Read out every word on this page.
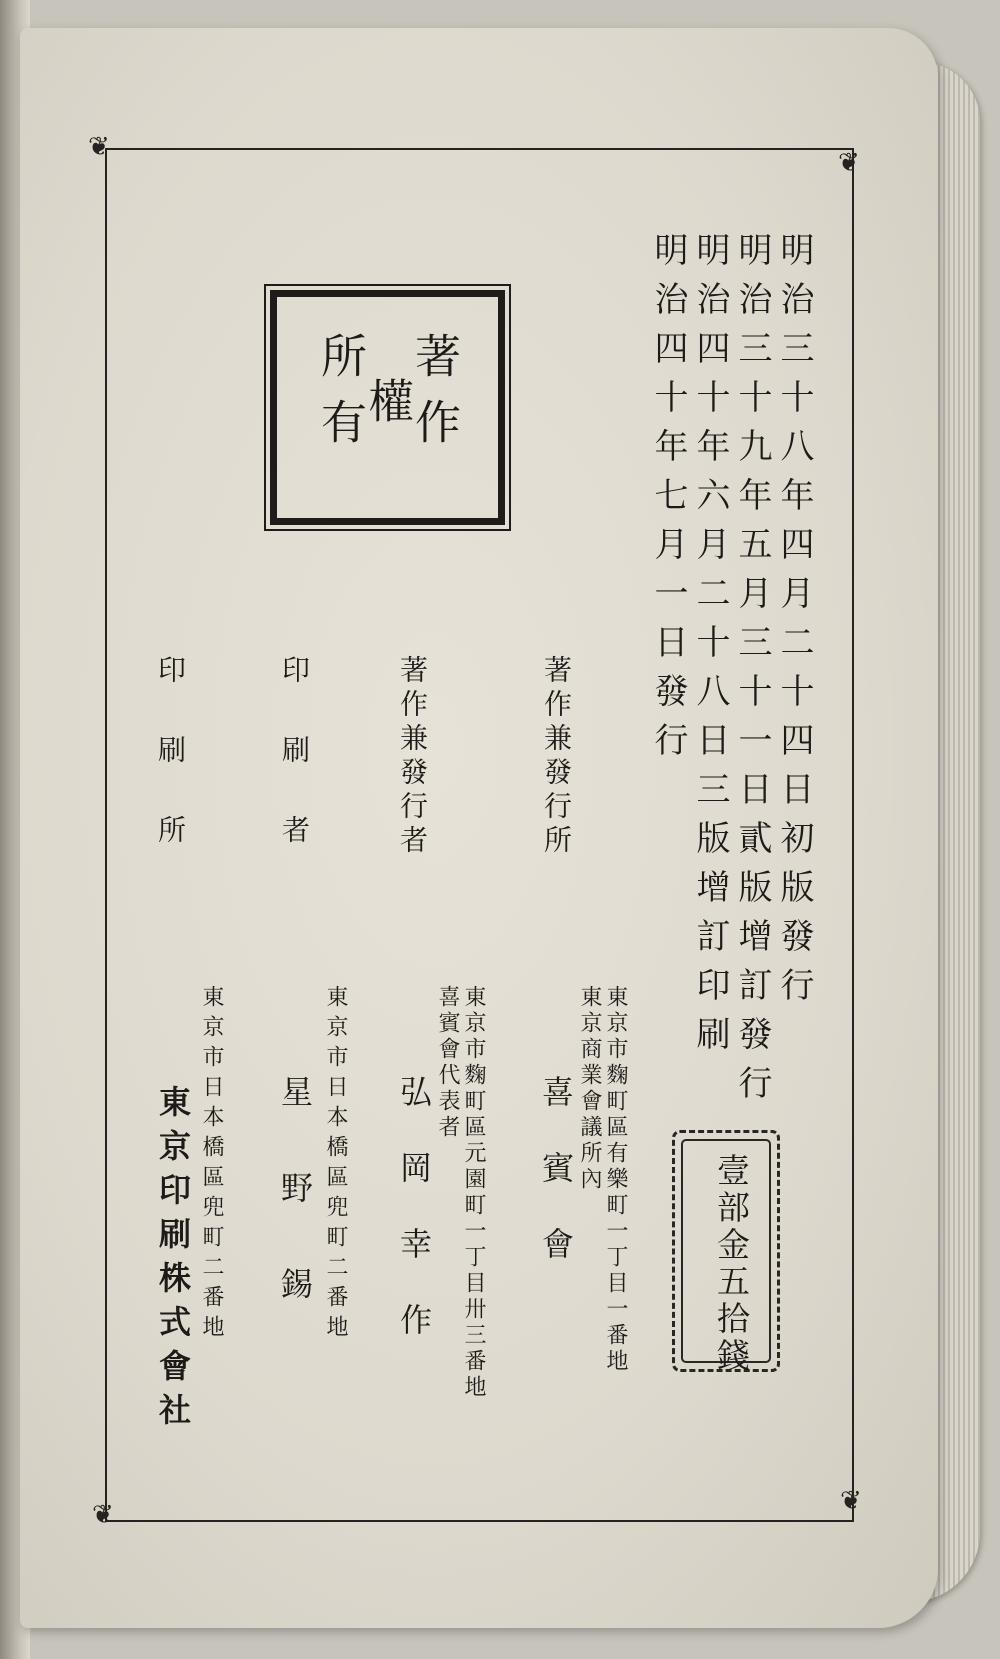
❦
❦
❦	❦
明治三十八年四月二十四日初版發行
明治三十九年五月三十一日貳版增訂發行
明治四十年六月二十八日三版增訂印刷
明治四十年七月一日發行
著作
權
所有
著作兼發行所
著作兼發行者
印刷者
印刷所
東京市麴町區有樂町一丁目一番地
東京商業會議所內
喜賓會
東京市麴町區元園町一丁目卅三番地
喜賓會代表者
弘岡幸作
東京市日本橋區兜町二番地
星野錫
東京市日本橋區兜町二番地
東京印刷株式會社	壹部金五拾錢
